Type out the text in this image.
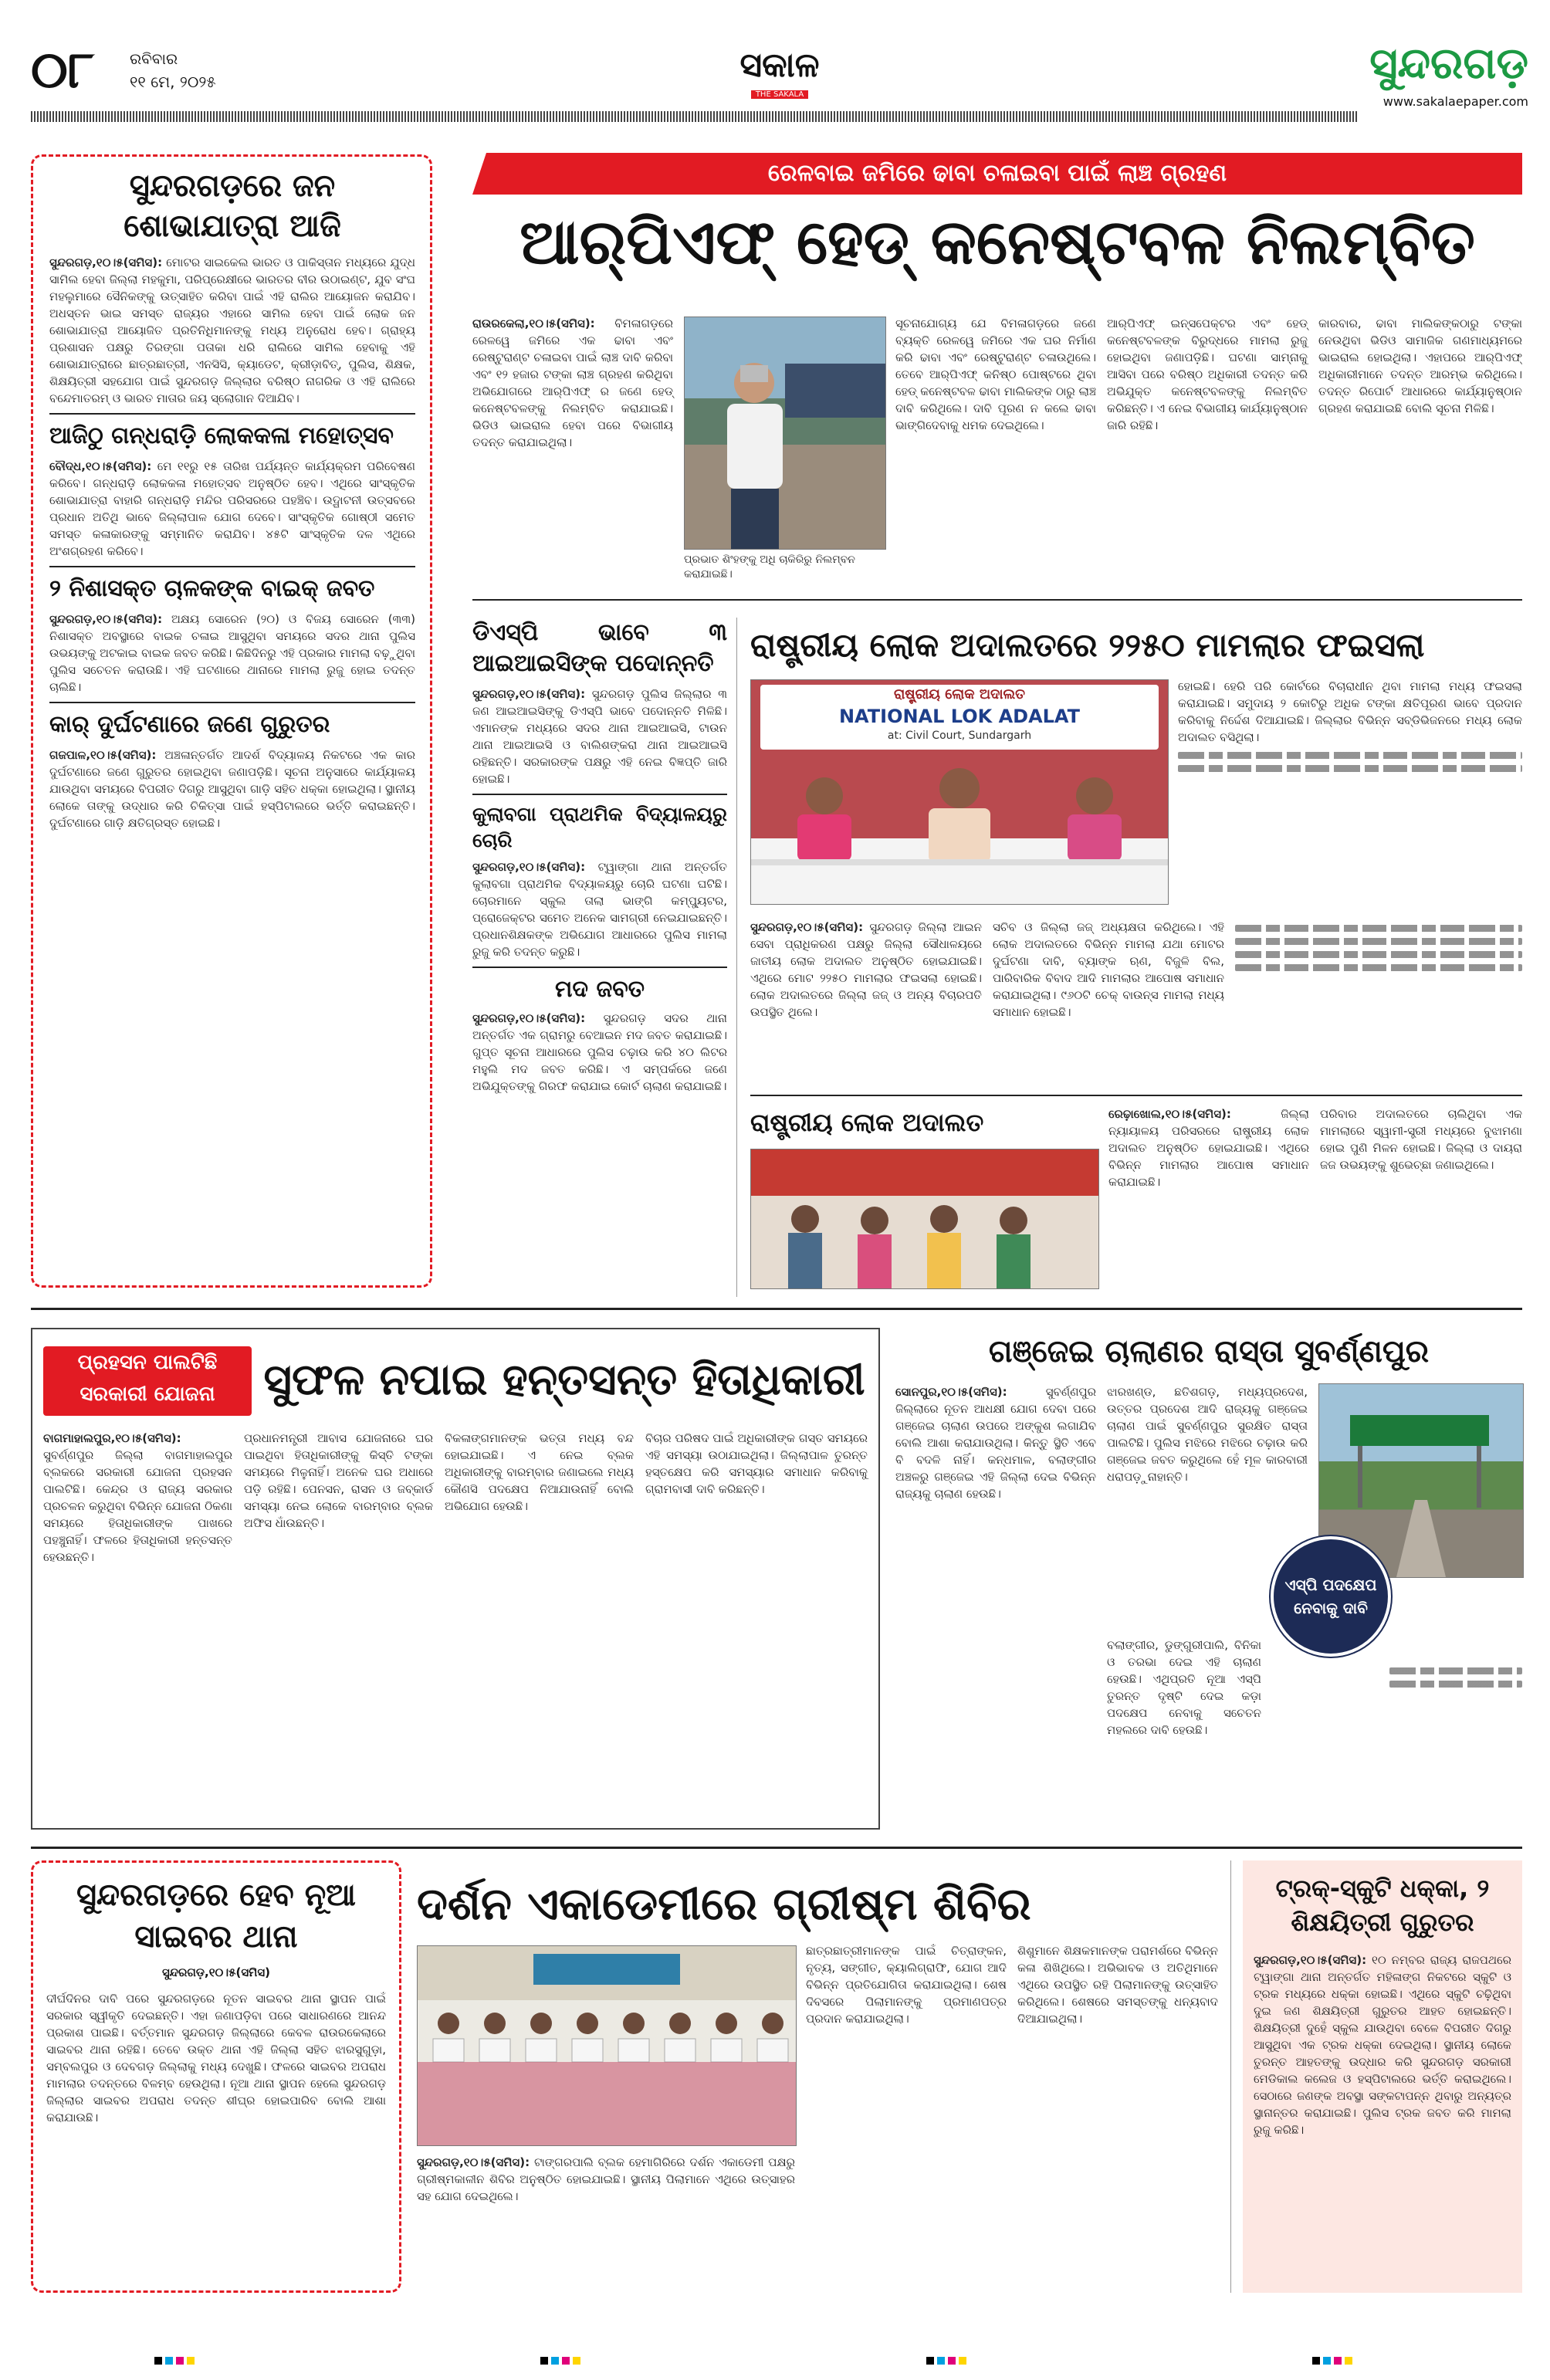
୦୮ ରବିବାର
୧୧ ମେ, ୨୦୨୫	ସକାଳ
THE SAKALA
ସୁନ୍ଦରଗଡ଼
www.sakalaepaper.com
ସୁନ୍ଦରଗଡ଼ରେ ଜନ ଶୋଭାଯାତ୍ରା ଆଜି

ସୁନ୍ଦରଗଡ଼,୧୦।୫(ସମିସ): ମୋଟର ସାଇକେଲ ଭାରତ ଓ ପାକିସ୍ତାନ ମଧ୍ୟରେ ଯୁଦ୍ଧ ସାମିଲ ହେବା ଜିଲ୍ଲା ମହକୁମା, ପରିପ୍ରେକ୍ଷୀରେ ଭାରତର ବୀର ଉଠାଇଣ୍ଟ, ଯୁବ ସଂଘ ମହଲୁମାରେ ସୈନିକଙ୍କୁ ଉତ୍ସାହିତ କରିବା ପାଇଁ ଏହି ରାଲିର ଆୟୋଜନ କରାଯିବ। ଅଧସ୍ତନ ଭାଇ ସମସ୍ତ ରାଜ୍ୟର ଏହାରେ ସାମିଲ ହେବା ପାଇଁ ଲୋକ ଜନ ଶୋଭାଯାତ୍ରା ଆୟୋଜିତ ପ୍ରତିନିଧିମାନଙ୍କୁ ମଧ୍ୟ ଅନୁରୋଧ ହେବ। ଗ୍ରାହ୍ୟ ପ୍ରଶାସନ ପକ୍ଷରୁ ତିରଙ୍ଗା ପତାକା ଧରି ରାଲିରେ ସାମିଲ ହେବାକୁ ଏହି ଶୋଭାଯାତ୍ରାରେ ଛାତ୍ରଛାତ୍ରୀ, ଏନସିସି, କ୍ୟାଡେଟ, କ୍ରୀଡ଼ାବିତ୍, ପୁଲିସ, ଶିକ୍ଷକ, ଶିକ୍ଷୟିତ୍ରୀ ସହଯୋଗ ପାଇଁ ସୁନ୍ଦରଗଡ଼ ଜିଲ୍ଲାର ବରିଷ୍ଠ ନାଗରିକ ଓ ଏହି ରାଲିରେ ବନ୍ଦେମାତରମ୍ ଓ ଭାରତ ମାତାର ଜୟ ସ୍ଲୋଗାନ ଦିଆଯିବ।

ଆଜିଠୁ ଗନ୍ଧରାଡ଼ି ଲୋକକଳା ମହୋତ୍ସବ

ବୌଦ୍ଧ,୧୦।୫(ସମିସ): ମେ ୧୧ରୁ ୧୫ ତାରିଖ ପର୍ଯ୍ୟନ୍ତ କାର୍ଯ୍ୟକ୍ରମ ପରିବେଷଣ କରିବେ। ଗନ୍ଧରାଡ଼ି ଲୋକକଳା ମହୋତ୍ସବ ଅନୁଷ୍ଠିତ ହେବ। ଏଥିରେ ସାଂସ୍କୃତିକ ଶୋଭାଯାତ୍ରା ବାହାରି ଗନ୍ଧରାଡ଼ି ମନ୍ଦିର ପରିସରରେ ପହଞ୍ଚିବ। ଉଦ୍ଘାଟନୀ ଉତ୍ସବରେ ପ୍ରଧାନ ଅତିଥି ଭାବେ ଜିଲ୍ଲାପାଳ ଯୋଗ ଦେବେ। ସାଂସ୍କୃତିକ ଗୋଷ୍ଠୀ ସମେତ ସମସ୍ତ କଳାକାରଙ୍କୁ ସମ୍ମାନିତ କରାଯିବ। ୪୫ଟି ସାଂସ୍କୃତିକ ଦଳ ଏଥିରେ ଅଂଶଗ୍ରହଣ କରିବେ।

୨ ନିଶାସକ୍ତ ଚାଳକଙ୍କ ବାଇକ୍ ଜବତ

ସୁନ୍ଦରଗଡ଼,୧୦।୫(ସମିସ): ଅକ୍ଷୟ ସୋରେନ (୨୦) ଓ ବିଜୟ ସୋରେନ (୩୩) ନିଶାସକ୍ତ ଅବସ୍ଥାରେ ବାଇକ ଚଳାଇ ଆସୁଥିବା ସମୟରେ ସଦର ଥାନା ପୁଲିସ ଉଭୟଙ୍କୁ ଅଟକାଇ ବାଇକ ଜବତ କରିଛି। କିଛିଦିନରୁ ଏହି ପ୍ରକାର ମାମଲା ବଢ଼ୁଥିବା ପୁଲିସ ସଚେତନ କରାଉଛି। ଏହି ଘଟଣାରେ ଥାନାରେ ମାମଲା ରୁଜୁ ହୋଇ ତଦନ୍ତ ଚାଲିଛି।

କାର୍ ଦୁର୍ଘଟଣାରେ ଜଣେ ଗୁରୁତର

ଗଜପାଳ,୧୦।୫(ସମିସ): ଅଞ୍ଚଳାନ୍ତର୍ଗତ ଆଦର୍ଶ ବିଦ୍ୟାଳୟ ନିକଟରେ ଏକ କାର ଦୁର୍ଘଟଣାରେ ଜଣେ ଗୁରୁତର ହୋଇଥିବା ଜଣାପଡ଼ିଛି। ସୂଚନା ଅନୁସାରେ କାର୍ଯ୍ୟାଳୟ ଯାଉଥିବା ସମୟରେ ବିପରୀତ ଦିଗରୁ ଆସୁଥିବା ଗାଡ଼ି ସହିତ ଧକ୍କା ହୋଇଥିଲା। ସ୍ଥାନୀୟ ଲୋକେ ତାଙ୍କୁ ଉଦ୍ଧାର କରି ଚିକିତ୍ସା ପାଇଁ ହସ୍ପିଟାଲରେ ଭର୍ତ୍ତି କରାଇଛନ୍ତି। ଦୁର୍ଘଟଣାରେ ଗାଡ଼ି କ୍ଷତିଗ୍ରସ୍ତ ହୋଇଛି।

ରେଳବାଇ ଜମିରେ ଢାବା ଚଳାଇବା ପାଇଁ ଲାଞ୍ଚ ଗ୍ରହଣ
ଆର୍‌ପିଏଫ୍ ହେଡ୍ କନେଷ୍ଟବଳ ନିଲମ୍ବିତ

ରାଉରକେଲା,୧୦।୫(ସମିସ): ବିମଳାଗଡ଼ରେ ରେଳୱେ ଜମିରେ ଏକ ଢାବା ଏବଂ ରେଷ୍ଟୁରାଣ୍ଟ ଚଳାଇବା ପାଇଁ ଲାଞ୍ଚ ଦାବି କରିବା ଏବଂ ୧୨ ହଜାର ଟଙ୍କା ଲାଞ୍ଚ ଗ୍ରହଣ କରିଥିବା ଅଭିଯୋଗରେ ଆର୍‌ପିଏଫ୍ ର ଜଣେ ହେଡ୍ କନେଷ୍ଟବଳଙ୍କୁ ନିଲମ୍ବିତ କରାଯାଇଛି। ଭିଡିଓ ଭାଇରାଲ ହେବା ପରେ ବିଭାଗୀୟ ତଦନ୍ତ କରାଯାଇଥିଲା।

ପ୍ରଭାତ ଶିଂହଙ୍କୁ ଅଧି ଚାକିରିରୁ ନିଲମ୍ବନ କରାଯାଇଛି।

ସୂଚନାଯୋଗ୍ୟ ଯେ ବିମଳାଗଡ଼ରେ ଜଣେ ବ୍ୟକ୍ତି ରେଳୱେ ଜମିରେ ଏକ ଘର ନିର୍ମାଣ କରି ଢାବା ଏବଂ ରେଷ୍ଟୁରାଣ୍ଟ ଚଳାଉଥିଲେ। ତେବେ ଆର୍‌ପିଏଫ୍ କନିଷ୍ଠ ପୋଷ୍ଟରେ ଥିବା ହେଡ୍ କନେଷ୍ଟବଳ ଢାବା ମାଲିକଙ୍କ ଠାରୁ ଲାଞ୍ଚ ଦାବି କରିଥିଲେ। ଦାବି ପୂରଣ ନ କଲେ ଢାବା ଭାଙ୍ଗିଦେବାକୁ ଧମକ ଦେଇଥିଲେ।

ଆର୍‌ପିଏଫ୍ ଇନ୍ସପେକ୍ଟର ଏବଂ ହେଡ୍ କନେଷ୍ଟବଳଙ୍କ ବିରୁଦ୍ଧରେ ମାମଲା ରୁଜୁ ହୋଇଥିବା ଜଣାପଡ଼ିଛି। ଘଟଣା ସାମ୍ନାକୁ ଆସିବା ପରେ ବରିଷ୍ଠ ଅଧିକାରୀ ତଦନ୍ତ କରି ଅଭିଯୁକ୍ତ କନେଷ୍ଟବଳଙ୍କୁ ନିଲମ୍ବିତ କରିଛନ୍ତି। ଏ ନେଇ ବିଭାଗୀୟ କାର୍ଯ୍ୟାନୁଷ୍ଠାନ ଜାରି ରହିଛି।

କାରବାର, ଢାବା ମାଲିକଙ୍କଠାରୁ ଟଙ୍କା ନେଉଥିବା ଭିଡିଓ ସାମାଜିକ ଗଣମାଧ୍ୟମରେ ଭାଇରାଲ ହୋଇଥିଲା। ଏହାପରେ ଆର୍‌ପିଏଫ୍ ଅଧିକାରୀମାନେ ତଦନ୍ତ ଆରମ୍ଭ କରିଥିଲେ। ତଦନ୍ତ ରିପୋର୍ଟ ଆଧାରରେ କାର୍ଯ୍ୟାନୁଷ୍ଠାନ ଗ୍ରହଣ କରାଯାଇଛି ବୋଲି ସୂଚନା ମିଳିଛି।

ଡିଏସ୍‌ପି ଭାବେ ୩ ଆଇଆଇସିଙ୍କ ପଦୋନ୍ନତି

ସୁନ୍ଦରଗଡ଼,୧୦।୫(ସମିସ): ସୁନ୍ଦରଗଡ଼ ପୁଲିସ ଜିଲ୍ଲାର ୩ ଜଣ ଆଇଆଇସିଙ୍କୁ ଡିଏସ୍‌ପି ଭାବେ ପଦୋନ୍ନତି ମିଳିଛି। ଏମାନଙ୍କ ମଧ୍ୟରେ ସଦର ଥାନା ଆଇଆଇସି, ଟାଉନ ଥାନା ଆଇଆଇସି ଓ ବାଲିଶଙ୍କରା ଥାନା ଆଇଆଇସି ରହିଛନ୍ତି। ସରକାରଙ୍କ ପକ୍ଷରୁ ଏହି ନେଇ ବିଜ୍ଞପ୍ତି ଜାରି ହୋଇଛି।

କୁଲାବଗା ପ୍ରାଥମିକ ବିଦ୍ୟାଳୟରୁ ଚୋରି

ସୁନ୍ଦରଗଡ଼,୧୦।୫(ସମିସ): ଟ୍ୱାଙ୍ଗା ଥାନା ଅନ୍ତର୍ଗତ କୁଲାବଗା ପ୍ରାଥମିକ ବିଦ୍ୟାଳୟରୁ ଚୋରି ଘଟଣା ଘଟିଛି। ଚୋରମାନେ ସ୍କୁଲ ତାଲା ଭାଙ୍ଗି କମ୍ପ୍ୟୁଟର, ପ୍ରୋଜେକ୍ଟର ସମେତ ଅନେକ ସାମଗ୍ରୀ ନେଇଯାଇଛନ୍ତି। ପ୍ରଧାନଶିକ୍ଷକଙ୍କ ଅଭିଯୋଗ ଆଧାରରେ ପୁଲିସ ମାମଲା ରୁଜୁ କରି ତଦନ୍ତ କରୁଛି।

ମଦ ଜବତ

ସୁନ୍ଦରଗଡ଼,୧୦।୫(ସମିସ): ସୁନ୍ଦରଗଡ଼ ସଦର ଥାନା ଅନ୍ତର୍ଗତ ଏକ ଗ୍ରାମରୁ ବେଆଇନ ମଦ ଜବତ କରାଯାଇଛି। ଗୁପ୍ତ ସୂଚନା ଆଧାରରେ ପୁଲିସ ଚଢ଼ାଉ କରି ୪୦ ଲିଟର ମହୁଲି ମଦ ଜବତ କରିଛି। ଏ ସମ୍ପର୍କରେ ଜଣେ ଅଭିଯୁକ୍ତଙ୍କୁ ଗିରଫ କରାଯାଇ କୋର୍ଟ ଚାଲାଣ କରାଯାଇଛି।

ରାଷ୍ଟ୍ରୀୟ ଲୋକ ଅଦାଲତରେ ୨୨୫୦ ମାମଲାର ଫଇସଲା
ରାଷ୍ଟ୍ରୀୟ ଲୋକ ଅଦାଲତ
NATIONAL LOK ADALAT
at: Civil Court, Sundargarh

ହୋଇଛି। ହେରି ପରି କୋର୍ଟରେ ବିଚାରାଧୀନ ଥିବା ମାମଲା ମଧ୍ୟ ଫଇସଲା କରାଯାଇଛି। ସମୁଦାୟ ୨ କୋଟିରୁ ଅଧିକ ଟଙ୍କା କ୍ଷତିପୂରଣ ଭାବେ ପ୍ରଦାନ କରିବାକୁ ନିର୍ଦ୍ଦେଶ ଦିଆଯାଇଛି। ଜିଲ୍ଲାର ବିଭିନ୍ନ ସବ୍‌ଡିଭିଜନରେ ମଧ୍ୟ ଲୋକ ଅଦାଲତ ବସିଥିଲା।

ସୁନ୍ଦରଗଡ଼,୧୦।୫(ସମିସ): ସୁନ୍ଦରଗଡ଼ ଜିଲ୍ଲା ଆଇନ ସେବା ପ୍ରାଧିକରଣ ପକ୍ଷରୁ ଜିଲ୍ଲା ସୌଧାଳୟରେ ଜାତୀୟ ଲୋକ ଅଦାଲତ ଅନୁଷ୍ଠିତ ହୋଇଯାଇଛି। ଏଥିରେ ମୋଟ ୨୨୫୦ ମାମଲାର ଫଇସଲା ହୋଇଛି। ଲୋକ ଅଦାଲତରେ ଜିଲ୍ଲା ଜଜ୍ ଓ ଅନ୍ୟ ବିଚାରପତି ଉପସ୍ଥିତ ଥିଲେ।

ସଚିବ ଓ ଜିଲ୍ଲା ଜଜ୍ ଅଧ୍ୟକ୍ଷତା କରିଥିଲେ। ଏହି ଲୋକ ଅଦାଲତରେ ବିଭିନ୍ନ ମାମଲା ଯଥା ମୋଟର ଦୁର୍ଘଟଣା ଦାବି, ବ୍ୟାଙ୍କ ଋଣ, ବିଜୁଳି ବିଲ, ପାରିବାରିକ ବିବାଦ ଆଦି ମାମଲାର ଆପୋଷ ସମାଧାନ କରାଯାଇଥିଲା। ୯୬୦ଟି ଚେକ୍ ବାଉନ୍ସ ମାମଲା ମଧ୍ୟ ସମାଧାନ ହୋଇଛି।

ରାଷ୍ଟ୍ରୀୟ ଲୋକ ଅଦାଲତ	ରେଢ଼ାଖୋଲ,୧୦।୫(ସମିସ):	ଜିଲ୍ଲା ନ୍ୟାୟାଳୟ ପରିସରରେ ରାଷ୍ଟ୍ରୀୟ ଲୋକ ଅଦାଲତ ଅନୁଷ୍ଠିତ ହୋଇଯାଇଛି। ଏଥିରେ ବିଭିନ୍ନ ମାମଲାର ଆପୋଷ ସମାଧାନ କରାଯାଇଛି।

ପରିବାର ଅଦାଲତରେ ଚାଲିଥିବା ଏକ ମାମଲାରେ ସ୍ୱାମୀ-ସ୍ତ୍ରୀ ମଧ୍ୟରେ ବୁଝାମଣା ହୋଇ ପୁଣି ମିଳନ ହୋଇଛି। ଜିଲ୍ଲା ଓ ଦାୟରା ଜଜ ଉଭୟଙ୍କୁ ଶୁଭେଚ୍ଛା ଜଣାଇଥିଲେ।

ପ୍ରହସନ ପାଲଟିଛି
ସରକାରୀ ଯୋଜନା	ସୁଫଳ ନପାଇ ହନ୍ତସନ୍ତ ହିତାଧିକାରୀ

ବାଗମାହାଲପୁର,୧୦।୫(ସମିସ): ସୁବର୍ଣ୍ଣପୁର ଜିଲ୍ଲା ବାଗମାହାଲପୁର ବ୍ଲକରେ ସରକାରୀ ଯୋଜନା ପ୍ରହସନ ପାଲଟିଛି। କେନ୍ଦ୍ର ଓ ରାଜ୍ୟ ସରକାର ପ୍ରଚଳନ କରୁଥିବା ବିଭିନ୍ନ ଯୋଜନା ଠିକଣା ସମୟରେ ହିତାଧିକାରୀଙ୍କ ପାଖରେ ପହଞ୍ଚୁନାହିଁ। ଫଳରେ ହିତାଧିକାରୀ ହନ୍ତସନ୍ତ ହେଉଛନ୍ତି।

ପ୍ରଧାନମନ୍ତ୍ରୀ ଆବାସ ଯୋଜନାରେ ଘର ପାଇଥିବା ହିତାଧିକାରୀଙ୍କୁ କିସ୍ତି ଟଙ୍କା ସମୟରେ ମିଳୁନାହିଁ। ଅନେକ ଘର ଅଧାରେ ପଡ଼ି ରହିଛି। ପେନସନ, ରାସନ ଓ ଜବ୍‌କାର୍ଡ ସମସ୍ୟା ନେଇ ଲୋକେ ବାରମ୍ବାର ବ୍ଲକ ଅଫିସ ଧାଁଉଛନ୍ତି।

ବିକଳାଙ୍ଗମାନଙ୍କ ଭତ୍ତା ମଧ୍ୟ ବନ୍ଦ ହୋଇଯାଇଛି। ଏ ନେଇ ବ୍ଲକ ଅଧିକାରୀଙ୍କୁ ବାରମ୍ବାର ଜଣାଇଲେ ମଧ୍ୟ କୌଣସି ପଦକ୍ଷେପ ନିଆଯାଉନାହିଁ ବୋଲି ଅଭିଯୋଗ ହେଉଛି।

ବିଚାର ପରିଷଦ ପାଇଁ ଅଧିକାରୀଙ୍କ ଗସ୍ତ ସମୟରେ ଏହି ସମସ୍ୟା ଉଠାଯାଇଥିଲା। ଜିଲ୍ଲାପାଳ ତୁରନ୍ତ ହସ୍ତକ୍ଷେପ କରି ସମସ୍ୟାର ସମାଧାନ କରିବାକୁ ଗ୍ରାମବାସୀ ଦାବି କରିଛନ୍ତି।

ଗଞ୍ଜେଇ ଚାଲାଣର ରାସ୍ତା ସୁବର୍ଣ୍ଣପୁର

ସୋନପୁର,୧୦।୫(ସମିସ):	ସୁବର୍ଣ୍ଣପୁର ଜିଲ୍ଲାରେ ନୂତନ ଆଧକ୍ଷୀ ଯୋଗ ଦେବା ପରେ ଗଞ୍ଜେଇ ଚାଲାଣ ଉପରେ ଅଙ୍କୁଶ ଲଗାଯିବ ବୋଲି ଆଶା କରାଯାଉଥିଲା। କିନ୍ତୁ ସ୍ଥିତି ଏବେ ବି ବଦଳି ନାହିଁ। କନ୍ଧମାଳ, ବଲାଙ୍ଗୀର ଅଞ୍ଚଳରୁ ଗଞ୍ଜେଇ ଏହି ଜିଲ୍ଲା ଦେଇ ବିଭିନ୍ନ ରାଜ୍ୟକୁ ଚାଲାଣ ହେଉଛି।

ଝାରଖଣ୍ଡ, ଛତିଶଗଡ଼, ମଧ୍ୟପ୍ରଦେଶ, ଉତ୍ତର ପ୍ରଦେଶ ଆଦି ରାଜ୍ୟକୁ ଗଞ୍ଜେଇ ଚାଲାଣ ପାଇଁ ସୁବର୍ଣ୍ଣପୁର ସୁରକ୍ଷିତ ରାସ୍ତା ପାଲଟିଛି। ପୁଲିସ ମଝିରେ ମଝିରେ ଚଢ଼ାଉ କରି ଗଞ୍ଜେଇ ଜବତ କରୁଥିଲେ ହେଁ ମୂଳ କାରବାରୀ ଧରାପଡ଼ୁନାହାନ୍ତି।

ଏସ୍‌ପି ପଦକ୍ଷେପ ନେବାକୁ ଦାବି

ବଲାଙ୍ଗୀର, ଡୁଙ୍ଗୁରୀପାଲି, ବିନିକା ଓ ତରଭା ଦେଇ ଏହି ଚାଲାଣ ହେଉଛି। ଏଥିପ୍ରତି ନୂଆ ଏସ୍‌ପି ତୁରନ୍ତ ଦୃଷ୍ଟି ଦେଇ କଡ଼ା ପଦକ୍ଷେପ ନେବାକୁ ସଚେତନ ମହଲରେ ଦାବି ହେଉଛି।

ସୁନ୍ଦରଗଡ଼ରେ ହେବ ନୂଆ ସାଇବର ଥାନା
ସୁନ୍ଦରଗଡ଼,୧୦।୫(ସମିସ)

ଦୀର୍ଘଦିନର ଦାବି ପରେ ସୁନ୍ଦରଗଡ଼ରେ ନୂତନ ସାଇବର ଥାନା ସ୍ଥାପନ ପାଇଁ ସରକାର ସ୍ୱୀକୃତି ଦେଇଛନ୍ତି। ଏହା ଜଣାପଡ଼ିବା ପରେ ସାଧାରଣରେ ଆନନ୍ଦ ପ୍ରକାଶ ପାଇଛି। ବର୍ତ୍ତମାନ ସୁନ୍ଦରଗଡ଼ ଜିଲ୍ଲାରେ କେବଳ ରାଉରକେଲାରେ ସାଇବର ଥାନା ରହିଛି। ତେବେ ଉକ୍ତ ଥାନା ଏହି ଜିଲ୍ଲା ସହିତ ଝାରସୁଗୁଡ଼ା, ସମ୍ବଲପୁର ଓ ଦେବଗଡ଼ ଜିଲ୍ଲାକୁ ମଧ୍ୟ ଦେଖୁଛି। ଫଳରେ ସାଇବର ଅପରାଧ ମାମଲାର ତଦନ୍ତରେ ବିଳମ୍ବ ହେଉଥିଲା। ନୂଆ ଥାନା ସ୍ଥାପନ ହେଲେ ସୁନ୍ଦରଗଡ଼ ଜିଲ୍ଲାର ସାଇବର ଅପରାଧ ତଦନ୍ତ ଶୀଘ୍ର ହୋଇପାରିବ ବୋଲି ଆଶା କରାଯାଉଛି।

ଦର୍ଶନ ଏକାଡେମୀରେ ଗ୍ରୀଷ୍ମ ଶିବିର

ଛାତ୍ରଛାତ୍ରୀମାନଙ୍କ ପାଇଁ ଚିତ୍ରାଙ୍କନ, ନୃତ୍ୟ, ସଙ୍ଗୀତ, କ୍ୟାଲିଗ୍ରାଫି, ଯୋଗ ଆଦି ବିଭିନ୍ନ ପ୍ରତିଯୋଗିତା କରାଯାଇଥିଲା। ଶେଷ ଦିବସରେ ପିଲାମାନଙ୍କୁ ପ୍ରମାଣପତ୍ର ପ୍ରଦାନ କରାଯାଇଥିଲା।

ଶିଶୁମାନେ ଶିକ୍ଷକମାନଙ୍କ ପରାମର୍ଶରେ ବିଭିନ୍ନ କଳା ଶିଖିଥିଲେ। ଅଭିଭାବକ ଓ ଅତିଥିମାନେ ଏଥିରେ ଉପସ୍ଥିତ ରହି ପିଲାମାନଙ୍କୁ ଉତ୍ସାହିତ କରିଥିଲେ। ଶେଷରେ ସମସ୍ତଙ୍କୁ ଧନ୍ୟବାଦ ଦିଆଯାଇଥିଲା।

ସୁନ୍ଦରଗଡ଼,୧୦।୫(ସମିସ): ଟାଙ୍ଗରପାଲି ବ୍ଲକ ହେମାଗିରିରେ ଦର୍ଶନ ଏକାଡେମୀ ପକ୍ଷରୁ ଗ୍ରୀଷ୍ମକାଳୀନ ଶିବିର ଅନୁଷ୍ଠିତ ହୋଇଯାଇଛି। ସ୍ଥାନୀୟ ପିଲାମାନେ ଏଥିରେ ଉତ୍ସାହର ସହ ଯୋଗ ଦେଇଥିଲେ।

ଟ୍ରକ୍-ସ୍କୁଟି ଧକ୍କା, ୨ ଶିକ୍ଷୟିତ୍ରୀ ଗୁରୁତର

ସୁନ୍ଦରଗଡ଼,୧୦।୫(ସମିସ): ୧୦ ନମ୍ବର ରାଜ୍ୟ ରାଜପଥରେ ଟ୍ୱାଙ୍ଗା ଥାନା ଅନ୍ତର୍ଗତ ମହିଳାଙ୍ଗ ନିକଟରେ ସ୍କୁଟି ଓ ଟ୍ରକ ମଧ୍ୟରେ ଧକ୍କା ହୋଇଛି। ଏଥିରେ ସ୍କୁଟି ଚଢ଼ିଥିବା ଦୁଇ ଜଣ ଶିକ୍ଷୟିତ୍ରୀ ଗୁରୁତର ଆହତ ହୋଇଛନ୍ତି। ଶିକ୍ଷୟିତ୍ରୀ ଦୁହେଁ ସ୍କୁଲ ଯାଉଥିବା ବେଳେ ବିପରୀତ ଦିଗରୁ ଆସୁଥିବା ଏକ ଟ୍ରକ ଧକ୍କା ଦେଇଥିଲା। ସ୍ଥାନୀୟ ଲୋକେ ତୁରନ୍ତ ଆହତଙ୍କୁ ଉଦ୍ଧାର କରି ସୁନ୍ଦରଗଡ଼ ସରକାରୀ ମେଡିକାଲ କଲେଜ ଓ ହସ୍ପିଟାଲରେ ଭର୍ତ୍ତି କରାଇଥିଲେ। ସେଠାରେ ଜଣଙ୍କ ଅବସ୍ଥା ସଙ୍କଟାପନ୍ନ ଥିବାରୁ ଅନ୍ୟତ୍ର ସ୍ଥାନାନ୍ତର କରାଯାଇଛି। ପୁଲିସ ଟ୍ରକ ଜବତ କରି ମାମଲା ରୁଜୁ କରିଛି।
